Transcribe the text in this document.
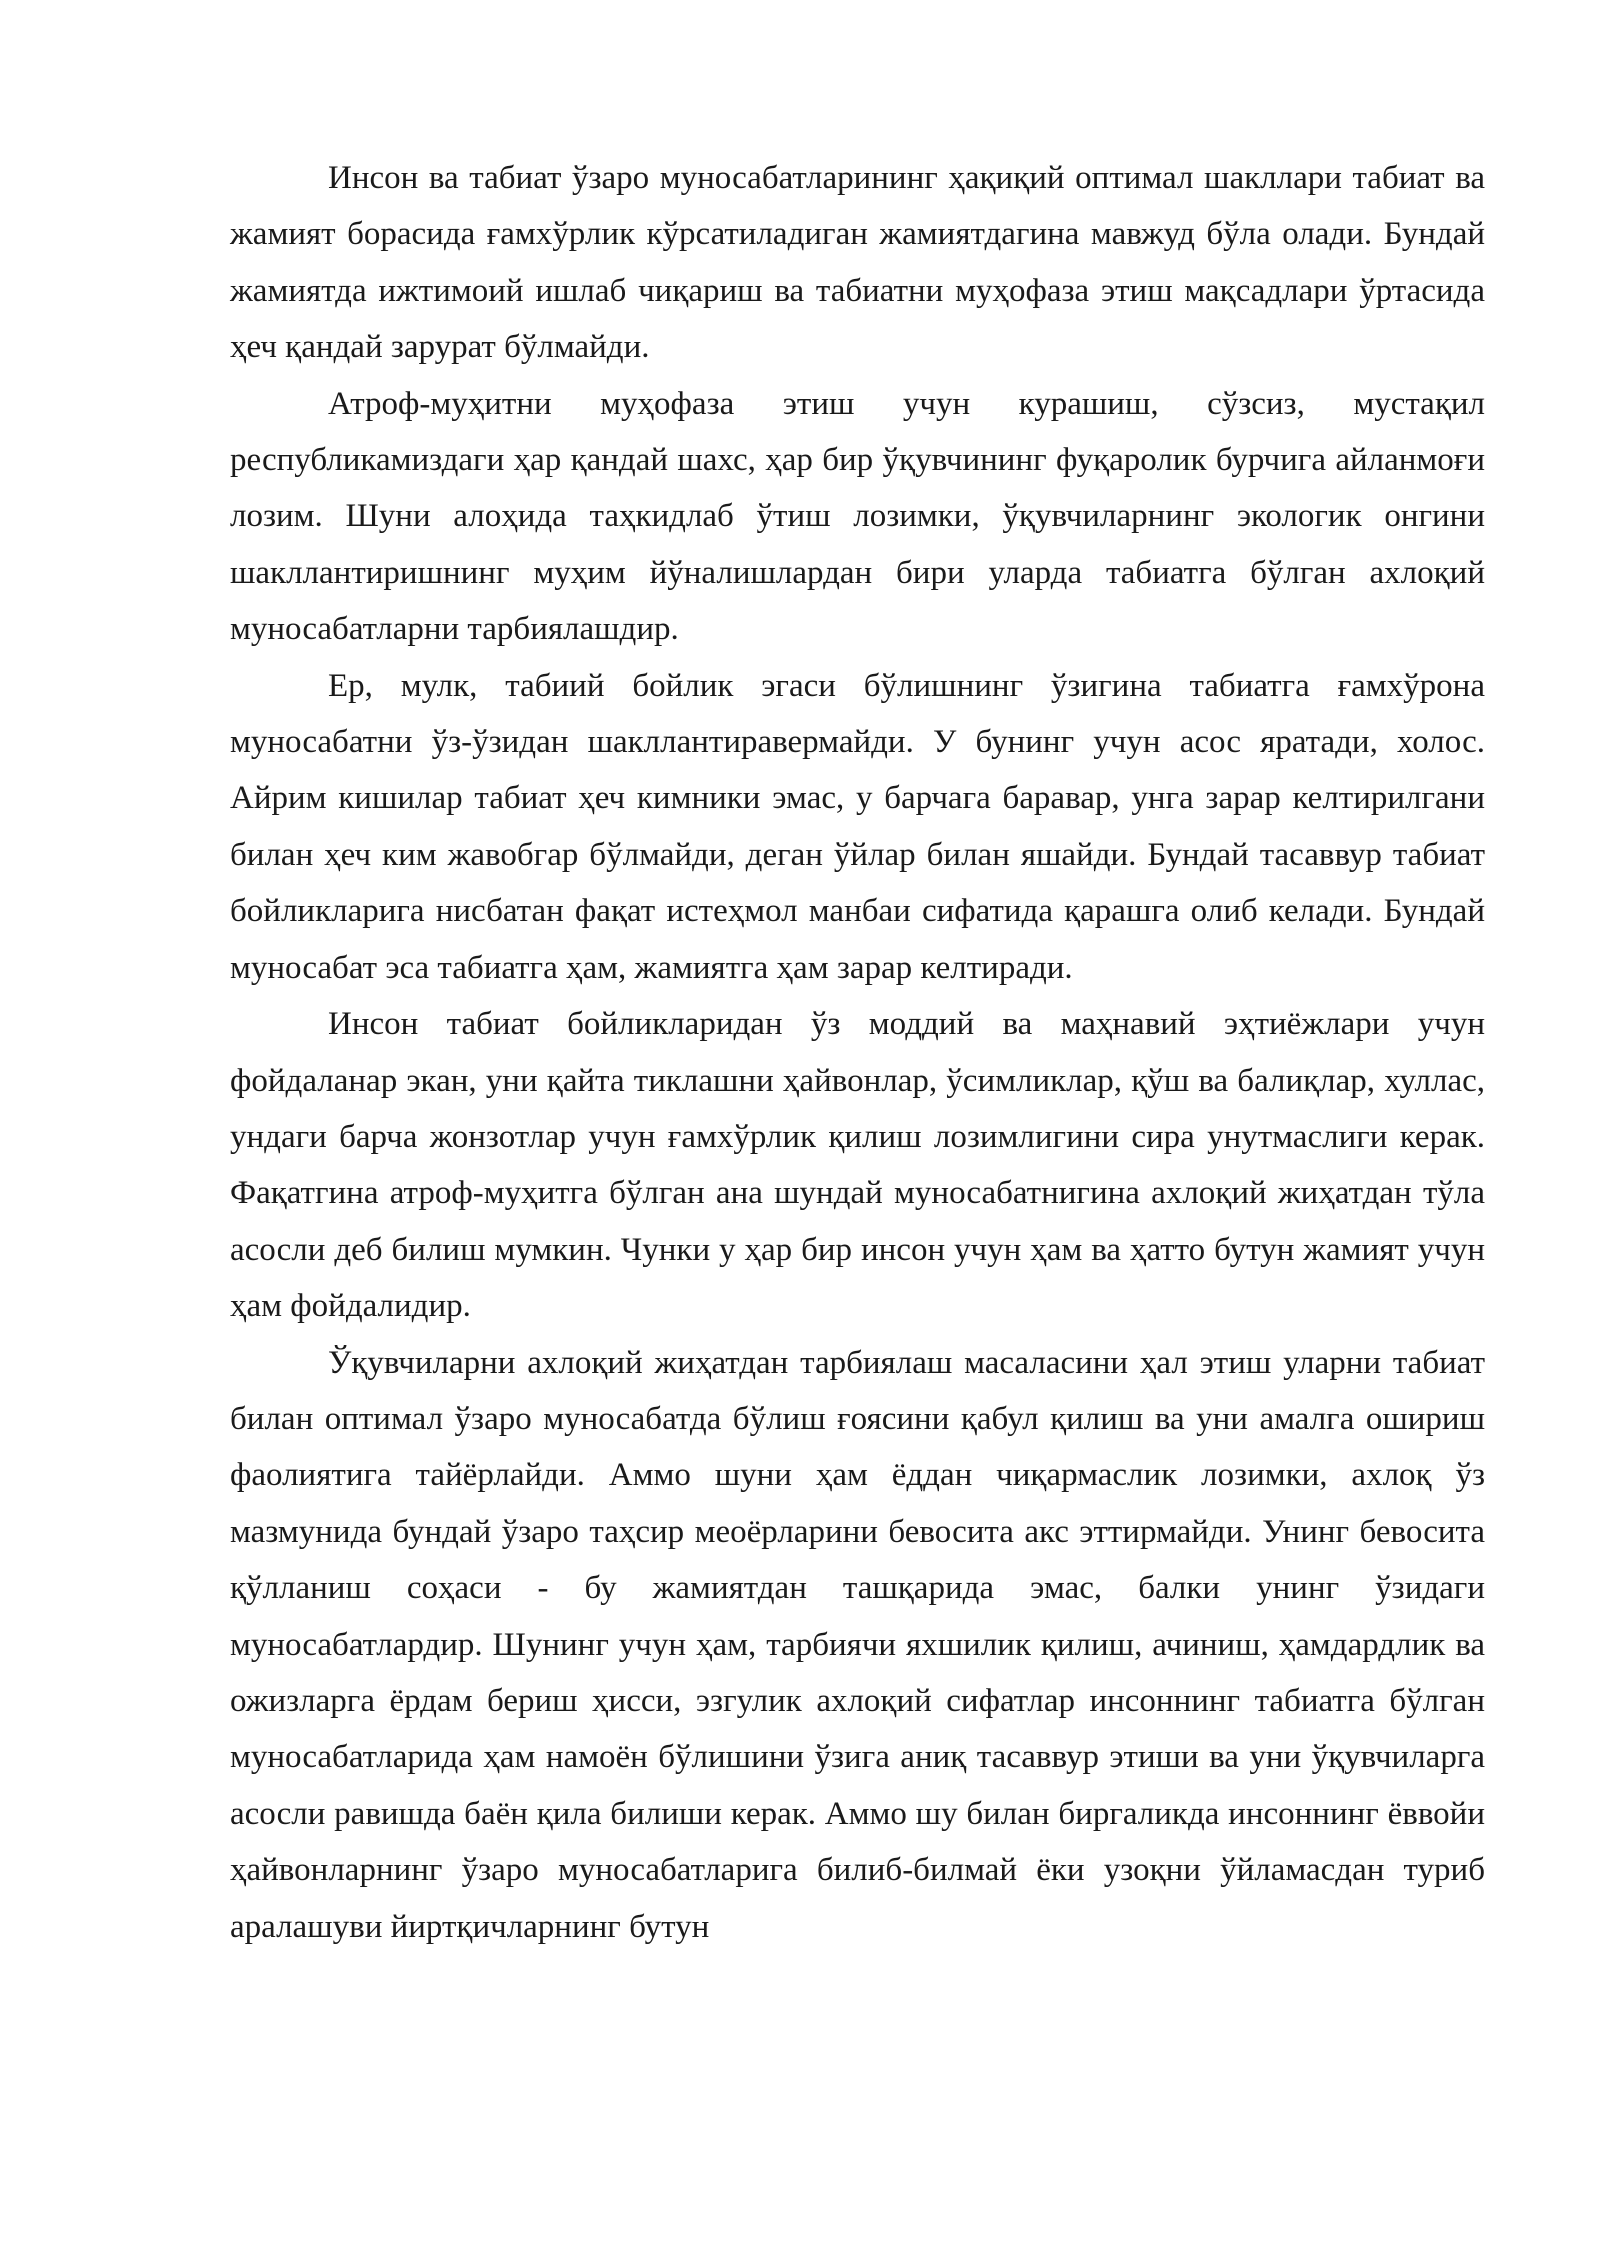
Инсон ва табиат ўзаро муносабатларининг ҳақиқий оптимал шакллари табиат ва жамият борасида ғамхўрлик кўрсатиладиган жамиятдагина мавжуд бўла олади. Бундай жамиятда ижтимоий ишлаб чиқариш ва табиатни муҳофаза этиш мақсадлари ўртасида ҳеч қандай зарурат бўлмайди.

Атроф-муҳитни муҳофаза этиш учун курашиш, сўзсиз, мустақил республикамиздаги ҳар қандай шахс, ҳар бир ўқувчининг фуқаролик бурчига айланмоғи лозим. Шуни алоҳида таҳкидлаб ўтиш лозимки, ўқувчиларнинг экологик онгини шакллантиришнинг муҳим йўналишлардан бири уларда табиатга бўлган ахлоқий муносабатларни тарбиялашдир.

Ер, мулк, табиий бойлик эгаси бўлишнинг ўзигина табиатга ғамхўрона муносабатни ўз-ўзидан шакллантиравермайди. У бунинг учун асос яратади, холос. Айрим кишилар табиат ҳеч кимники эмас, у барчага баравар, унга зарар келтирилгани билан ҳеч ким жавобгар бўлмайди, деган ўйлар билан яшайди. Бундай тасаввур табиат бойликларига нисбатан фақат истеҳмол манбаи сифатида қарашга олиб келади. Бундай муносабат эса табиатга ҳам, жамиятга ҳам зарар келтиради.

Инсон табиат бойликларидан ўз моддий ва маҳнавий эҳтиёжлари учун фойдаланар экан, уни қайта тиклашни ҳайвонлар, ўсимликлар, қўш ва балиқлар, хуллас, ундаги барча жонзотлар учун ғамхўрлик қилиш лозимлигини сира унутмаслиги керак. Фақатгина атроф-муҳитга бўлган ана шундай муносабатнигина ахлоқий жиҳатдан тўла асосли деб билиш мумкин. Чунки у ҳар бир инсон учун ҳам ва ҳатто бутун жамият учун ҳам фойдалидир.

Ўқувчиларни ахлоқий жиҳатдан тарбиялаш масаласини ҳал этиш уларни табиат билан оптимал ўзаро муносабатда бўлиш ғоясини қабул қилиш ва уни амалга ошириш фаолиятига тайёрлайди. Аммо шуни ҳам ёддан чиқармаслик лозимки, ахлоқ ўз мазмунида бундай ўзаро таҳсир меоёрларини бевосита акс эттирмайди. Унинг бевосита қўлланиш соҳаси - бу жамиятдан ташқарида эмас, балки унинг ўзидаги муносабатлардир. Шунинг учун ҳам, тарбиячи яхшилик қилиш, ачиниш, ҳамдардлик ва ожизларга ёрдам бериш ҳисси, эзгулик ахлоқий сифатлар инсоннинг табиатга бўлган муносабатларида ҳам намоён бўлишини ўзига аниқ тасаввур этиши ва уни ўқувчиларга асосли равишда баён қила билиши керак. Аммо шу билан биргаликда инсоннинг ёввойи ҳайвонларнинг ўзаро муносабатларига билиб-билмай ёки узоқни ўйламасдан туриб аралашуви йиртқичларнинг бутун
